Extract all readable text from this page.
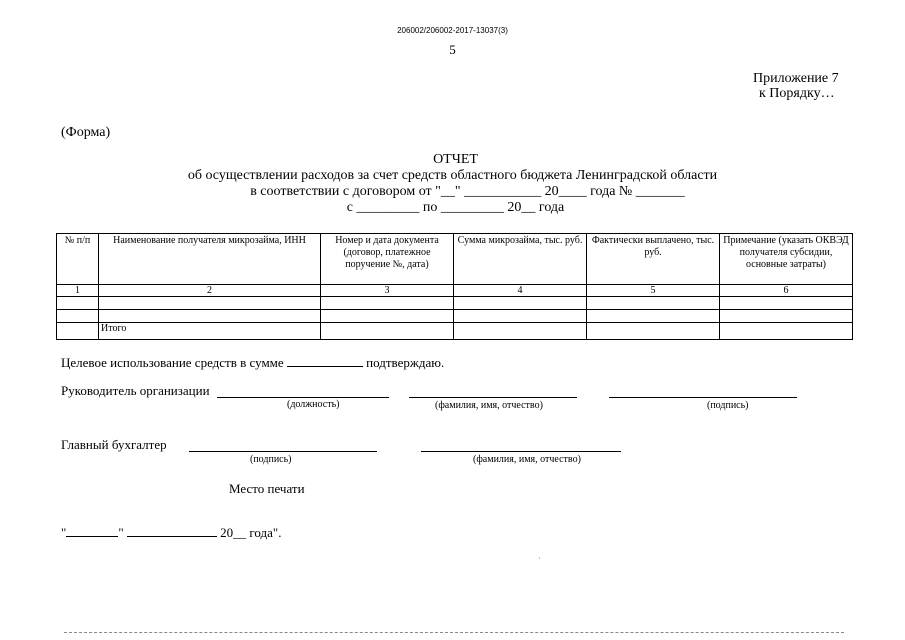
206002/206002-2017-13037(3)
5
Приложение 7
к Порядку…
(Форма)
ОТЧЕТ
об осуществлении расходов за счет средств областного бюджета Ленинградской области
в соответствии с договором от "__" ___________ 20____ года № _______
с _________ по _________ 20__ года
№ п/п	Наименование получателя микрозайма, ИНН	Номер и дата документа (договор, платежное поручение №, дата)	Сумма микрозайма, тыс. руб.	Фактически выплачено, тыс. руб.	Примечание (указать ОКВЭД получателя субсидии, основные затраты)
1	2	3	4	5	6

	Итого				
Целевое использование средств в сумме	подтверждаю.
Руководитель организации
(должность)	(фамилия, имя, отчество)	(подпись)
Главный бухгалтер
(подпись)	(фамилия, имя, отчество)
Место печати
"	"	20__ года".
·
